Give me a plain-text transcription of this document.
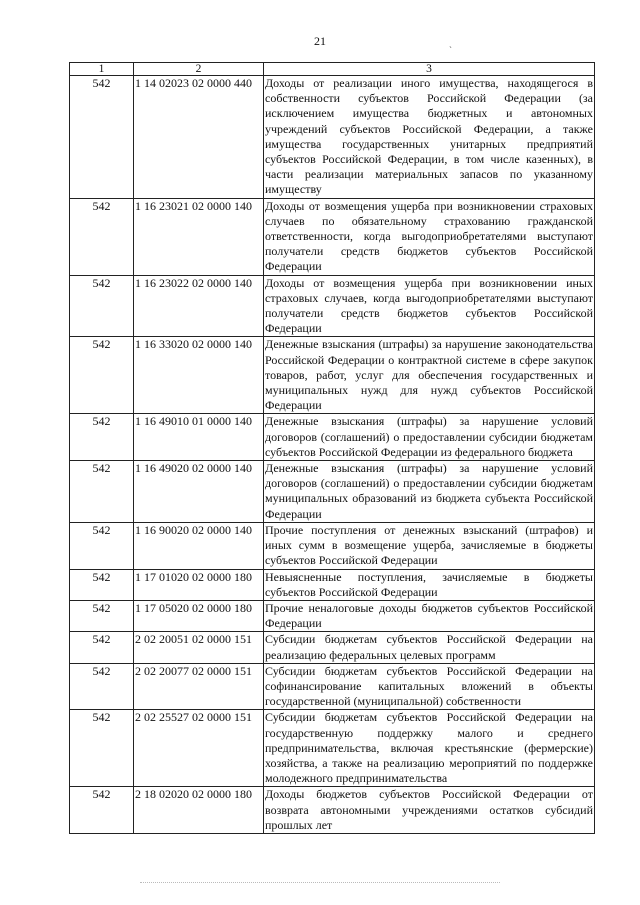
21	ˎ
1	2	3
542	1 14 02023 02 0000 440	Доходы от реализации иного имущества, находящегося в собственности субъектов Российской Федерации (за исключением имущества бюджетных и автономных учреждений субъектов Российской Федерации, а также имущества государственных унитарных предприятий субъектов Российской Федерации, в том числе казенных), в части реализации материальных запасов по указанному имуществу
542	1 16 23021 02 0000 140	Доходы от возмещения ущерба при возникновении страховых случаев по обязательному страхованию гражданской ответственности, когда выгодоприобретателями выступают получатели средств бюджетов субъектов Российской Федерации
542	1 16 23022 02 0000 140	Доходы от возмещения ущерба при возникновении иных страховых случаев, когда выгодоприобретателями выступают получатели средств бюджетов субъектов Российской Федерации
542	1 16 33020 02 0000 140	Денежные взыскания (штрафы) за нарушение законодательства Российской Федерации о контрактной системе в сфере закупок товаров, работ, услуг для обеспечения государственных и муниципальных нужд для нужд субъектов Российской Федерации
542	1 16 49010 01 0000 140	Денежные взыскания (штрафы) за нарушение условий договоров (соглашений) о предоставлении субсидии бюджетам субъектов Российской Федерации из федерального бюджета
542	1 16 49020 02 0000 140	Денежные взыскания (штрафы) за нарушение условий договоров (соглашений) о предоставлении субсидии бюджетам муниципальных образований из бюджета субъекта Российской Федерации
542	1 16 90020 02 0000 140	Прочие поступления от денежных взысканий (штрафов) и иных сумм в возмещение ущерба, зачисляемые в бюджеты субъектов Российской Федерации
542	1 17 01020 02 0000 180	Невыясненные поступления, зачисляемые в бюджеты субъектов Российской Федерации
542	1 17 05020 02 0000 180	Прочие неналоговые доходы бюджетов субъектов Российской Федерации
542	2 02 20051 02 0000 151	Субсидии бюджетам субъектов Российской Федерации на реализацию федеральных целевых программ
542	2 02 20077 02 0000 151	Субсидии бюджетам субъектов Российской Федерации на софинансирование капитальных вложений в объекты государственной (муниципальной) собственности
542	2 02 25527 02 0000 151	Субсидии бюджетам субъектов Российской Федерации на государственную поддержку малого и среднего предпринимательства, включая крестьянские (фермерские) хозяйства, а также на реализацию мероприятий по поддержке молодежного предпринимательства
542	2 18 02020 02 0000 180	Доходы бюджетов субъектов Российской Федерации от возврата автономными учреждениями остатков субсидий прошлых лет
